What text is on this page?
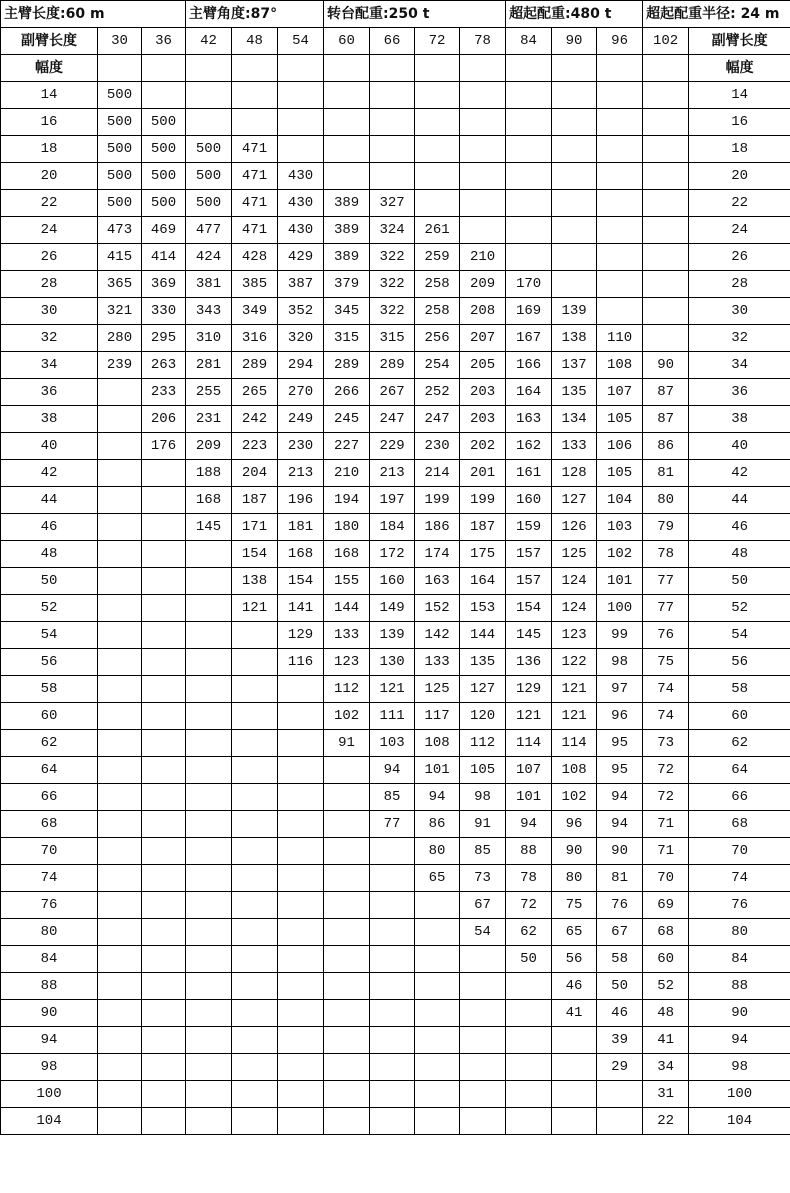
主臂长度:60 m			主臂角度:87°			转台配重:250 t				超起配重:480 t			超起配重半径: 24 m	
副臂长度	30	36	42	48	54	60	66	72	78	84	90	96	102	副臂长度
幅度														幅度
14	500													14
16	500	500												16
18	500	500	500	471										18
20	500	500	500	471	430									20
22	500	500	500	471	430	389	327							22
24	473	469	477	471	430	389	324	261						24
26	415	414	424	428	429	389	322	259	210					26
28	365	369	381	385	387	379	322	258	209	170				28
30	321	330	343	349	352	345	322	258	208	169	139			30
32	280	295	310	316	320	315	315	256	207	167	138	110		32
34	239	263	281	289	294	289	289	254	205	166	137	108	90	34
36		233	255	265	270	266	267	252	203	164	135	107	87	36
38		206	231	242	249	245	247	247	203	163	134	105	87	38
40		176	209	223	230	227	229	230	202	162	133	106	86	40
42			188	204	213	210	213	214	201	161	128	105	81	42
44			168	187	196	194	197	199	199	160	127	104	80	44
46			145	171	181	180	184	186	187	159	126	103	79	46
48				154	168	168	172	174	175	157	125	102	78	48
50				138	154	155	160	163	164	157	124	101	77	50
52				121	141	144	149	152	153	154	124	100	77	52
54					129	133	139	142	144	145	123	99	76	54
56					116	123	130	133	135	136	122	98	75	56
58						112	121	125	127	129	121	97	74	58
60						102	111	117	120	121	121	96	74	60
62						91	103	108	112	114	114	95	73	62
64							94	101	105	107	108	95	72	64
66							85	94	98	101	102	94	72	66
68							77	86	91	94	96	94	71	68
70								80	85	88	90	90	71	70
74								65	73	78	80	81	70	74
76									67	72	75	76	69	76
80									54	62	65	67	68	80
84										50	56	58	60	84
88											46	50	52	88
90											41	46	48	90
94												39	41	94
98												29	34	98
100													31	100
104													22	104
